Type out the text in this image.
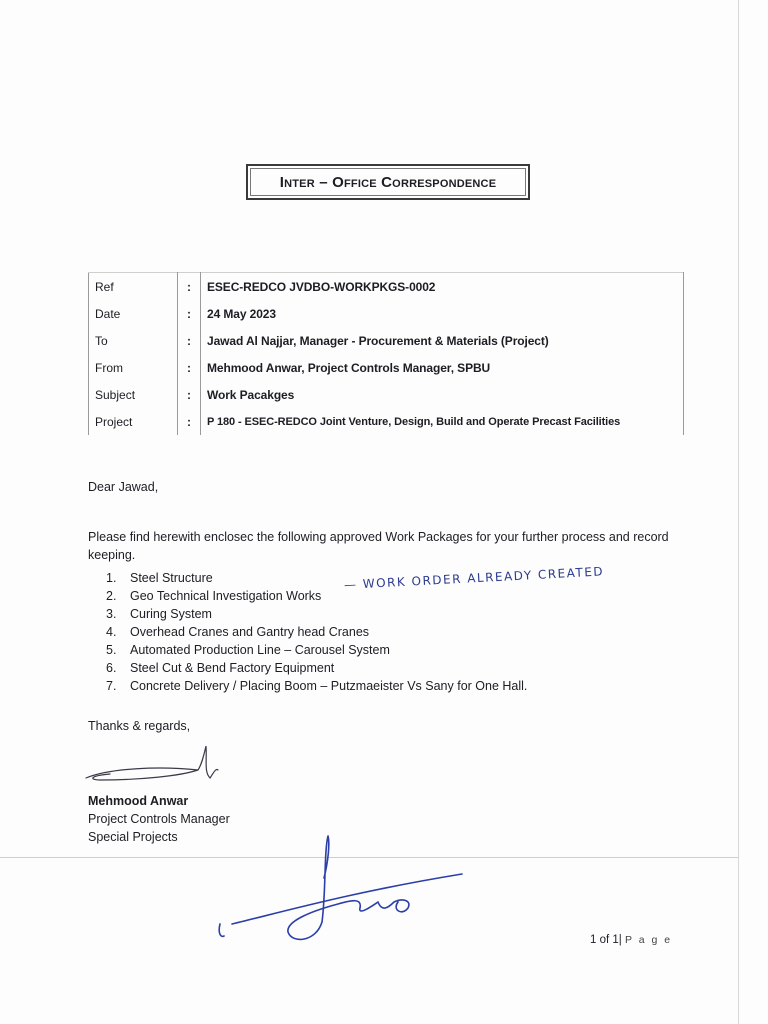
Inter – Office Correspondence
Ref	:	ESEC-REDCO JVDBO-WORKPKGS-0002
Date	:	24 May 2023
To	:	Jawad Al Najjar, Manager - Procurement & Materials (Project)
From	:	Mehmood Anwar, Project Controls Manager, SPBU
Subject	:	Work Pacakges
Project	:	P 180 - ESEC-REDCO Joint Venture, Design, Build and Operate Precast Facilities
Dear Jawad,
Please find herewith enclosec the following approved Work Packages for your further process and record keeping.
1.	Steel Structure
2.	Geo Technical Investigation Works
3.	Curing System
4.	Overhead Cranes and Gantry head Cranes
5.	Automated Production Line – Carousel System
6.	Steel Cut & Bend Factory Equipment
7.	Concrete Delivery / Placing Boom – Putzmaeister Vs Sany for One Hall.
— WORK ORDER ALREADY CREATED
Thanks & regards,
Mehmood Anwar
Project Controls Manager
Special Projects
1 of 1| P a g e
